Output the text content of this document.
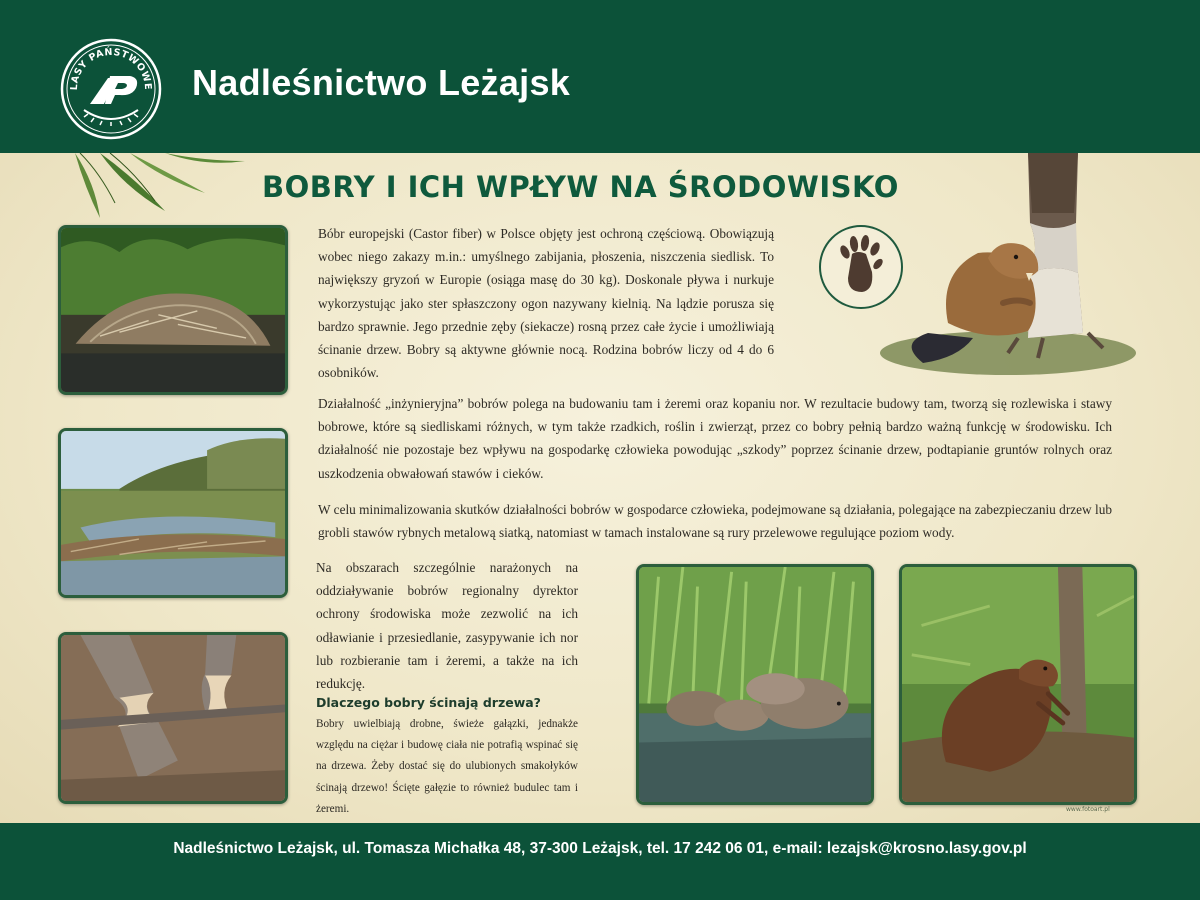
LASY PAŃSTWOWE Nadleśnictwo Leżajsk
BOBRY I ICH WPŁYW NA ŚRODOWISKO

Bóbr europejski (Castor fiber) w Polsce objęty jest ochroną częściową. Obowiązują wobec niego zakazy m.in.: umyślnego zabijania, płoszenia, niszczenia siedlisk. To największy gryzoń w Europie (osiąga masę do 30 kg). Doskonale pływa i nurkuje wykorzystując jako ster spłaszczony ogon nazywany kielnią. Na lądzie porusza się bardzo sprawnie. Jego przednie zęby (siekacze) rosną przez całe życie i umożliwiają ścinanie drzew. Bobry są aktywne głównie nocą. Rodzina bobrów liczy od 4 do 6 osobników.

Działalność „inżynieryjna” bobrów polega na budowaniu tam i żeremi oraz kopaniu nor. W rezultacie budowy tam, tworzą się rozlewiska i stawy bobrowe, które są siedliskami różnych, w tym także rzadkich, roślin i zwierząt, przez co bobry pełnią bardzo ważną funkcję w środowisku. Ich działalność nie pozostaje bez wpływu na gospodarkę człowieka powodując „szkody” poprzez ścinanie drzew, podtapianie gruntów rolnych oraz uszkodzenia obwałowań stawów i cieków.

W celu minimalizowania skutków działalności bobrów w gospodarce człowieka, podejmowane są działania, polegające na zabezpieczaniu drzew lub grobli stawów rybnych metalową siatką, natomiast w tamach instalowane są rury przelewowe regulujące poziom wody.

Na obszarach szczególnie narażonych na oddziaływanie bobrów regionalny dyrektor ochrony środowiska może zezwolić na ich odławianie i przesiedlanie, zasypywanie ich nor lub rozbieranie tam i żeremi, a także na ich redukcję.

Dlaczego bobry ścinają drzewa?

Bobry uwielbiają drobne, świeże gałązki, jednakże względu na ciężar i budowę ciała nie potrafią wspinać się na drzewa. Żeby dostać się do ulubionych smakołyków ścinają drzewo! Ścięte gałęzie to również budulec tam i żeremi.	www.fotoart.pl

Nadleśnictwo Leżajsk, ul. Tomasza Michałka 48, 37-300 Leżajsk, tel. 17 242 06 01, e-mail: lezajsk@krosno.lasy.gov.pl
